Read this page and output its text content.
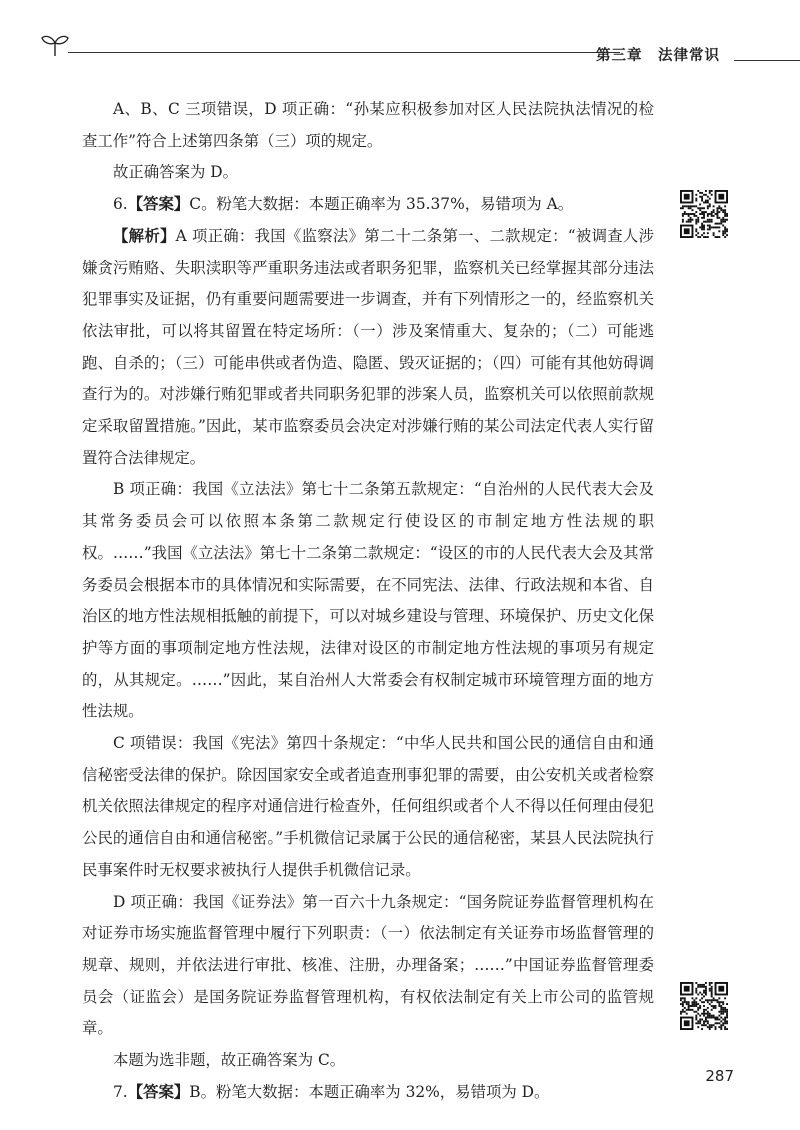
第三章　法律常识

A、B、C 三项错误，D 项正确：“孙某应积极参加对区人民法院执法情况的检查工作”符合上述第四条第（三）项的规定。

故正确答案为 D。

6.【答案】C。粉笔大数据：本题正确率为 35.37%，易错项为 A。

【解析】A 项正确：我国《监察法》第二十二条第一、二款规定：“被调查人涉嫌贪污贿赂、失职渎职等严重职务违法或者职务犯罪，监察机关已经掌握其部分违法犯罪事实及证据，仍有重要问题需要进一步调查，并有下列情形之一的，经监察机关依法审批，可以将其留置在特定场所：（一）涉及案情重大、复杂的；（二）可能逃跑、自杀的；（三）可能串供或者伪造、隐匿、毁灭证据的；（四）可能有其他妨碍调查行为的。对涉嫌行贿犯罪或者共同职务犯罪的涉案人员，监察机关可以依照前款规定采取留置措施。”因此，某市监察委员会决定对涉嫌行贿的某公司法定代表人实行留置符合法律规定。

B 项正确：我国《立法法》第七十二条第五款规定：“自治州的人民代表大会及其常务委员会可以依照本条第二款规定行使设区的市制定地方性法规的职权。……”我国《立法法》第七十二条第二款规定：“设区的市的人民代表大会及其常务委员会根据本市的具体情况和实际需要，在不同宪法、法律、行政法规和本省、自治区的地方性法规相抵触的前提下，可以对城乡建设与管理、环境保护、历史文化保护等方面的事项制定地方性法规，法律对设区的市制定地方性法规的事项另有规定的，从其规定。……”因此，某自治州人大常委会有权制定城市环境管理方面的地方性法规。

C 项错误：我国《宪法》第四十条规定：“中华人民共和国公民的通信自由和通信秘密受法律的保护。除因国家安全或者追查刑事犯罪的需要，由公安机关或者检察机关依照法律规定的程序对通信进行检查外，任何组织或者个人不得以任何理由侵犯公民的通信自由和通信秘密。”手机微信记录属于公民的通信秘密，某县人民法院执行民事案件时无权要求被执行人提供手机微信记录。

D 项正确：我国《证券法》第一百六十九条规定：“国务院证券监督管理机构在对证券市场实施监督管理中履行下列职责：（一）依法制定有关证券市场监督管理的规章、规则，并依法进行审批、核准、注册，办理备案；……”中国证券监督管理委员会（证监会）是国务院证券监督管理机构，有权依法制定有关上市公司的监管规章。

本题为选非题，故正确答案为 C。

7.【答案】B。粉笔大数据：本题正确率为 32%，易错项为 D。

287
